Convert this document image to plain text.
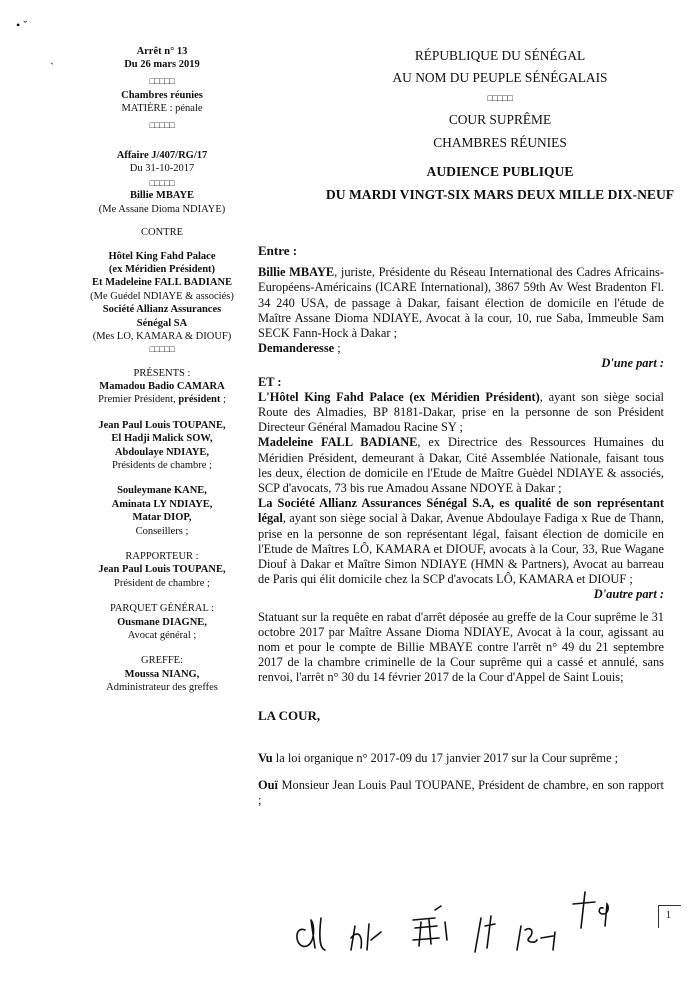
• ˇ
ˋ
Arrêt n° 13
Du 26 mars 2019
□□□□□
Chambres réunies
MATIÈRE : pénale
□□□□□
Affaire J/407/RG/17
Du 31-10-2017
□□□□□
Billie MBAYE
(Me Assane Dioma NDIAYE)
CONTRE
Hôtel King Fahd Palace
(ex Méridien Président)
Et Madeleine FALL BADIANE
(Me Guédel NDIAYE & associés)
Société Allianz Assurances
Sénégal SA
(Mes LO, KAMARA & DIOUF)
□□□□□
PRÉSENTS :
Mamadou Badio CAMARA
Premier Président, président ;
Jean Paul Louis TOUPANE,
El Hadji Malick SOW,
Abdoulaye NDIAYE,
Présidents de chambre ;
Souleymane KANE,
Aminata LY NDIAYE,
Matar DIOP,
Conseillers ;
RAPPORTEUR :
Jean Paul Louis TOUPANE,
Président de chambre ;
PARQUET GÉNÉRAL :
Ousmane DIAGNE,
Avocat général ;
GREFFE:
Moussa NIANG,
Administrateur des greffes
RÉPUBLIQUE DU SÉNÉGAL
AU NOM DU PEUPLE SÉNÉGALAIS
□□□□□
COUR SUPRÊME
CHAMBRES RÉUNIES
AUDIENCE PUBLIQUE
DU MARDI VINGT-SIX MARS DEUX MILLE DIX-NEUF

Entre :

Billie MBAYE, juriste, Présidente du Réseau International des Cadres Africains-Européens-Américains (ICARE International), 3867 59th Av West Bradenton Fl. 34 240 USA, de passage à Dakar, faisant élection de domicile en l'étude de Maître Assane Dioma NDIAYE, Avocat à la cour, 10, rue Saba, Immeuble Sam SECK Fann-Hock à Dakar ;

Demanderesse ;

D'une part :

ET :

L'Hôtel King Fahd Palace (ex Méridien Président), ayant son siège social Route des Almadies, BP 8181-Dakar, prise en la personne de son Président Directeur Général Mamadou Racine SY ;

Madeleine FALL BADIANE, ex Directrice des Ressources Humaines du Méridien Président, demeurant à Dakar, Cité Assemblée Nationale, faisant tous les deux, élection de domicile en l'Etude de Maître Guèdel NDIAYE & associés, SCP d'avocats, 73 bis rue Amadou Assane NDOYE à Dakar ;

La Société Allianz Assurances Sénégal S.A, es qualité de son représentant légal, ayant son siège social à Dakar, Avenue Abdoulaye Fadiga x Rue de Thann, prise en la personne de son représentant légal, faisant élection de domicile en l'Etude de Maîtres LÔ, KAMARA et DIOUF, avocats à la Cour, 33, Rue Wagane Diouf à Dakar et Maître Simon NDIAYE (HMN & Partners), Avocat au barreau de Paris qui élit domicile chez la SCP d'avocats LÔ, KAMARA et DIOUF ;

D'autre part :

Statuant sur la requête en rabat d'arrêt déposée au greffe de la Cour suprême le 31 octobre 2017 par Maître Assane Dioma NDIAYE, Avocat à la cour, agissant au nom et pour le compte de Billie MBAYE contre l'arrêt n° 49 du 21 septembre 2017 de la chambre criminelle de la Cour suprême qui a cassé et annulé, sans renvoi, l'arrêt n° 30 du 14 février 2017 de la Cour d'Appel de Saint Louis;

LA COUR,

Vu la loi organique n° 2017-09 du 17 janvier 2017 sur la Cour suprême ;

Ouï Monsieur Jean Louis Paul TOUPANE, Président de chambre, en son rapport ;

1
